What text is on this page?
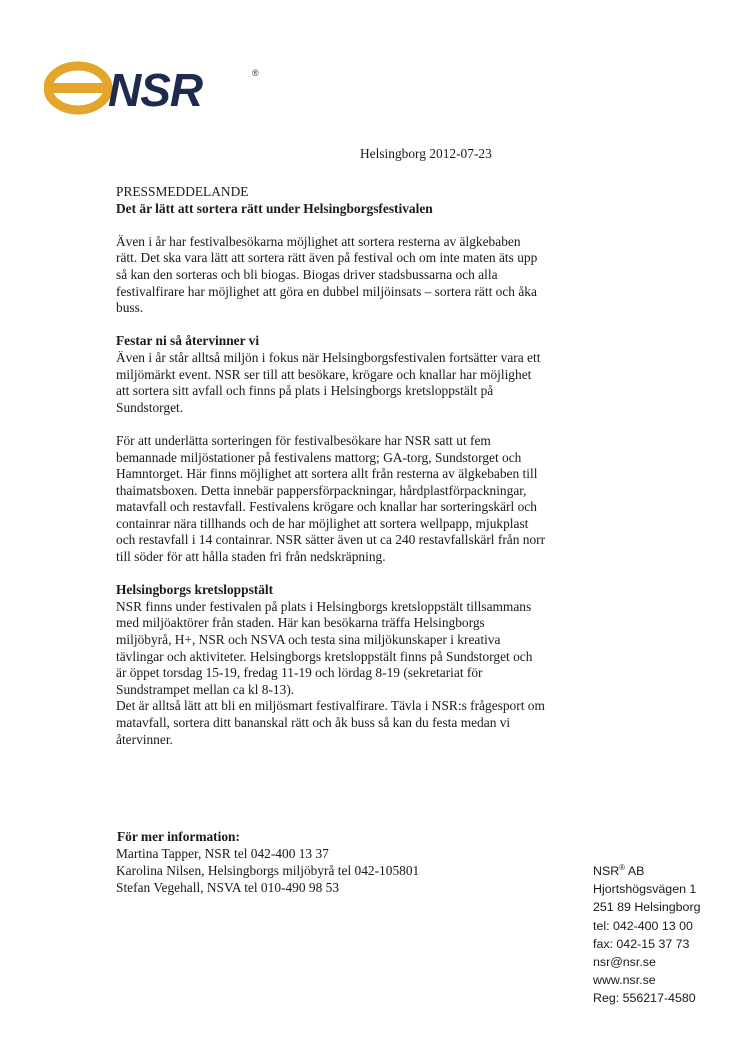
NSR	®
Helsingborg 2012-07-23

PRESSMEDDELANDE

Det är lätt att sortera rätt under Helsingborgsfestivalen

Även i år har festivalbesökarna möjlighet att sortera resterna av älgkebaben

rätt. Det ska vara lätt att sortera rätt även på festival och om inte maten äts upp

så kan den sorteras och bli biogas. Biogas driver stadsbussarna och alla

festivalfirare har möjlighet att göra en dubbel miljöinsats – sortera rätt och åka

buss.

Festar ni så återvinner vi

Även i år står alltså miljön i fokus när Helsingborgsfestivalen fortsätter vara ett

miljömärkt event. NSR ser till att besökare, krögare och knallar har möjlighet

att sortera sitt avfall och finns på plats i Helsingborgs kretsloppstält på

Sundstorget.

För att underlätta sorteringen för festivalbesökare har NSR satt ut fem

bemannade miljöstationer på festivalens mattorg; GA-torg, Sundstorget och

Hamntorget. Här finns möjlighet att sortera allt från resterna av älgkebaben till

thaimatsboxen. Detta innebär pappersförpackningar, hårdplastförpackningar,

matavfall och restavfall. Festivalens krögare och knallar har sorteringskärl och

containrar nära tillhands och de har möjlighet att sortera wellpapp, mjukplast

och restavfall i 14 containrar. NSR sätter även ut ca 240 restavfallskärl från norr

till söder för att hålla staden fri från nedskräpning.

Helsingborgs kretsloppstält

NSR finns under festivalen på plats i Helsingborgs kretsloppstält tillsammans

med miljöaktörer från staden. Här kan besökarna träffa Helsingborgs

miljöbyrå, H+, NSR och NSVA och testa sina miljökunskaper i kreativa

tävlingar och aktiviteter. Helsingborgs kretsloppstält finns på Sundstorget och

är öppet torsdag 15-19, fredag 11-19 och lördag 8-19 (sekretariat för

Sundstrampet mellan ca kl 8-13).

Det är alltså lätt att bli en miljösmart festivalfirare. Tävla i NSR:s frågesport om

matavfall, sortera ditt bananskal rätt och åk buss så kan du festa medan vi

återvinner.

För mer information:
Martina Tapper, NSR tel 042-400 13 37
Karolina Nilsen, Helsingborgs miljöbyrå tel 042-105801
Stefan Vegehall, NSVA tel 010-490 98 53
NSR® AB
Hjortshögsvägen 1
251 89 Helsingborg
tel: 042-400 13 00
fax: 042-15 37 73
nsr@nsr.se
www.nsr.se
Reg: 556217-4580
